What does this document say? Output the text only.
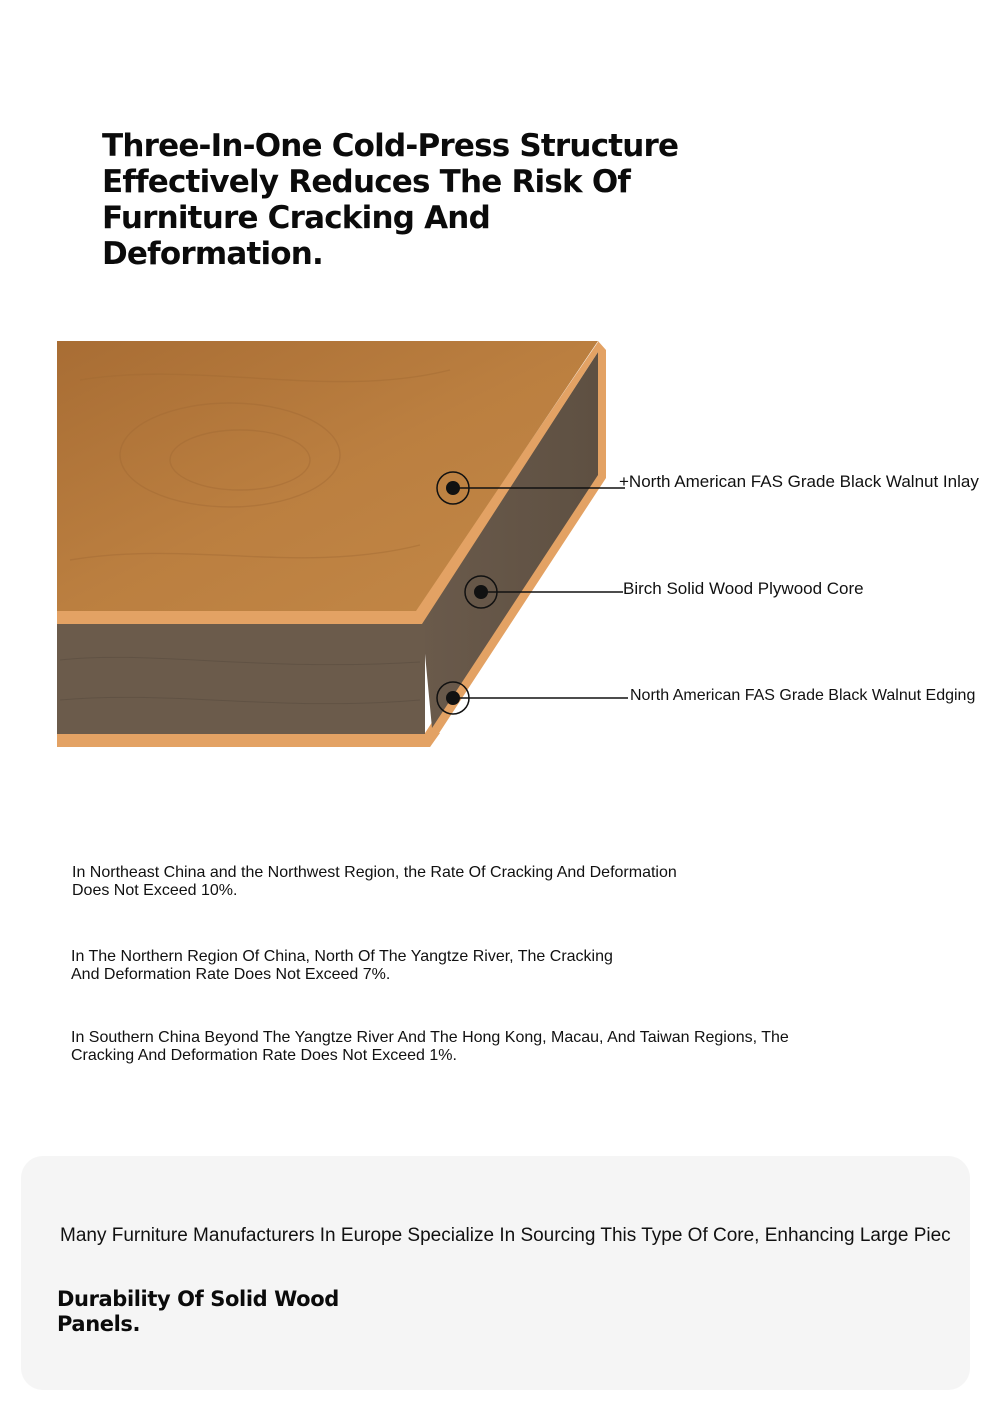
Three-In-One Cold-Press Structure
Effectively Reduces The Risk Of
Furniture Cracking And
Deformation.
+North American FAS Grade Black Walnut Inlay
Birch Solid Wood Plywood Core
North American FAS Grade Black Walnut Edging

In Northeast China and the Northwest Region, the Rate Of Cracking And Deformation
Does Not Exceed 10%.

In The Northern Region Of China, North Of The Yangtze River, The Cracking
And Deformation Rate Does Not Exceed 7%.

In Southern China Beyond The Yangtze River And The Hong Kong, Macau, And Taiwan Regions, The
Cracking And Deformation Rate Does Not Exceed 1%.

Many Furniture Manufacturers In Europe Specialize In Sourcing This Type Of Core, Enhancing Large Piec

Durability Of Solid Wood
Panels.
